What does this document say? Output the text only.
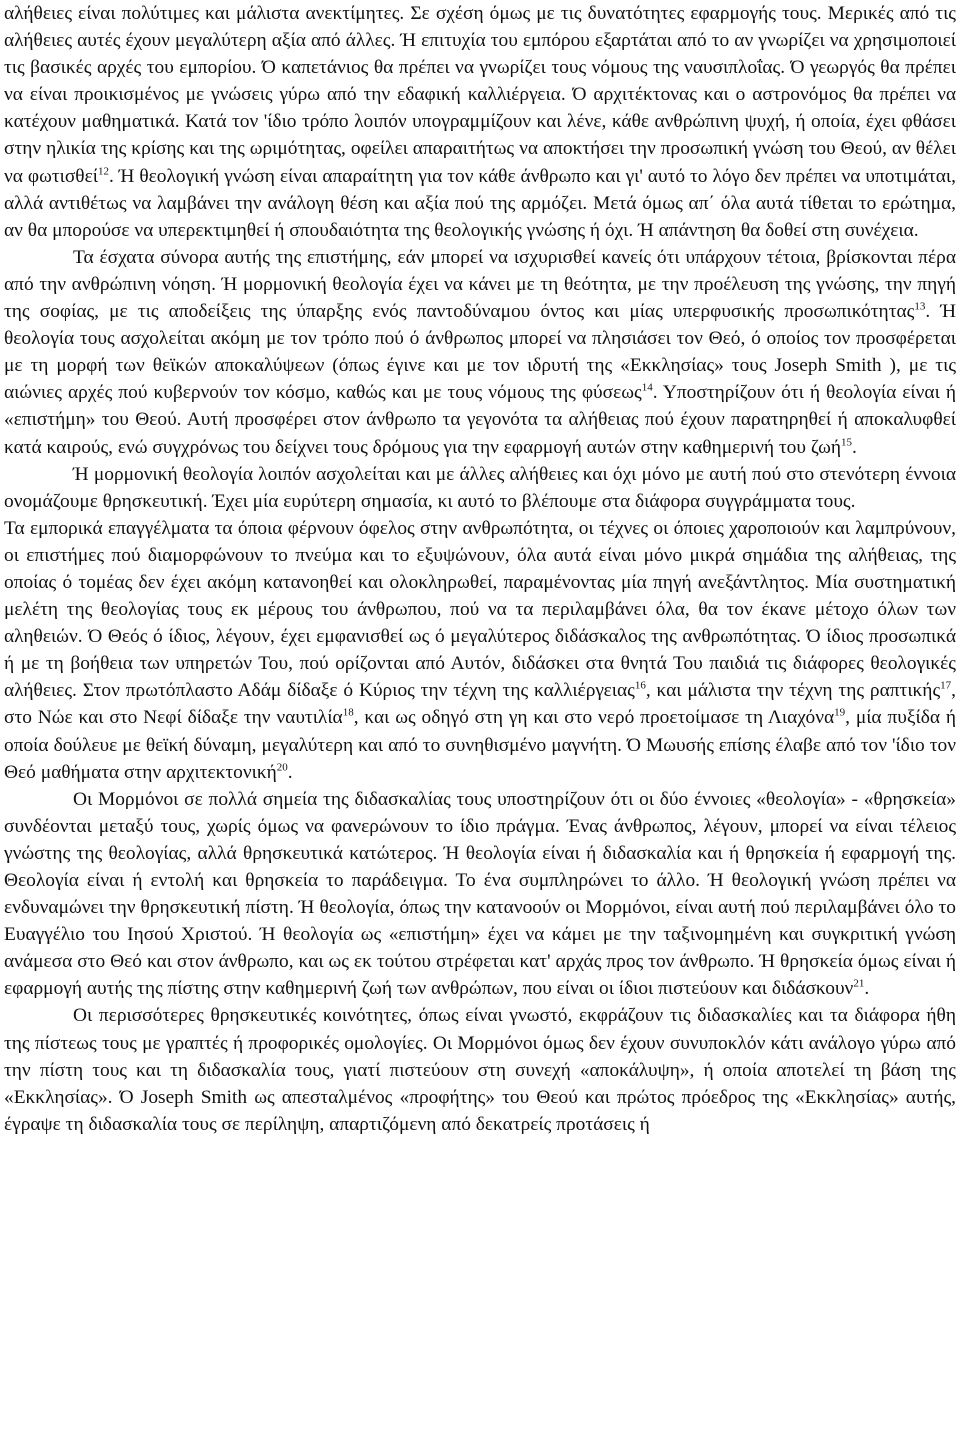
αλήθειες είναι πολύτιμες και μάλιστα ανεκτίμητες. Σε σχέση όμως με τις δυνατότητες εφαρμογής τους. Μερικές από τις αλήθειες αυτές έχουν μεγαλύτερη αξία από άλλες. Ή επιτυχία του εμπόρου εξαρτάται από το αν γνωρίζει να χρησιμοποιεί τις βασικές αρχές του εμπορίου. Ό καπετάνιος θα πρέπει να γνωρίζει τους νόμους της ναυσιπλοΐας. Ό γεωργός θα πρέπει να είναι προικισμένος με γνώσεις γύρω από την εδαφική καλλιέργεια. Ό αρχιτέκτονας και ο αστρονόμος θα πρέπει να κατέχουν μαθηματικά. Κατά τον 'ίδιο τρόπο λοιπόν υπογραμμίζουν και λένε, κάθε ανθρώπινη ψυχή, ή οποία, έχει φθάσει στην ηλικία της κρίσης και της ωριμότητας, οφείλει απαραιτήτως να αποκτήσει την προσωπική γνώση του Θεού, αν θέλει να φωτισθεί$^{12}$. Ή θεολογική γνώση είναι απαραίτητη για τον κάθε άνθρωπο και γι' αυτό το λόγο δεν πρέπει να υποτιμάται, αλλά αντιθέτως να λαμβάνει την ανάλογη θέση και αξία πού της αρμόζει. Μετά όμως απ΄ όλα αυτά τίθεται το ερώτημα, αν θα μπορούσε να υπερεκτιμηθεί ή σπουδαιότητα της θεολογικής γνώσης ή όχι. Ή απάντηση θα δοθεί στη συνέχεια.

Τα έσχατα σύνορα αυτής της επιστήμης, εάν μπορεί να ισχυρισθεί κανείς ότι υπάρχουν τέτοια, βρίσκονται πέρα από την ανθρώπινη νόηση. Ή μορμονική θεολογία έχει να κάνει με τη θεότητα, με την προέλευση της γνώσης, την πηγή της σοφίας, με τις αποδείξεις της ύπαρξης ενός παντοδύναμου όντος και μίας υπερφυσικής προσωπικότητας$^{13}$. Ή θεολογία τους ασχολείται ακόμη με τον τρόπο πού ό άνθρωπος μπορεί να πλησιάσει τον Θεό, ό οποίος τον προσφέρεται με τη μορφή των θεϊκών αποκαλύψεων (όπως έγινε και με τον ιδρυτή της «Εκκλησίας» τους Joseph Smith ), με τις αιώνιες αρχές πού κυβερνούν τον κόσμο, καθώς και με τους νόμους της φύσεως$^{14}$. Υποστηρίζουν ότι ή θεολογία είναι ή «επιστήμη» του Θεού. Αυτή προσφέρει στον άνθρωπο τα γεγονότα τα αλήθειας πού έχουν παρατηρηθεί ή αποκαλυφθεί κατά καιρούς, ενώ συγχρόνως του δείχνει τους δρόμους για την εφαρμογή αυτών στην καθημερινή του ζωή$^{15}$.

Ή μορμονική θεολογία λοιπόν ασχολείται και με άλλες αλήθειες και όχι μόνο με αυτή πού στο στενότερη έννοια ονομάζουμε θρησκευτική. Έχει μία ευρύτερη σημασία, κι αυτό το βλέπουμε στα διάφορα συγγράμματα τους.

Τα εμπορικά επαγγέλματα τα όποια φέρνουν όφελος στην ανθρωπότητα, οι τέχνες οι όποιες χαροποιούν και λαμπρύνουν, οι επιστήμες πού διαμορφώνουν το πνεύμα και το εξυψώνουν, όλα αυτά είναι μόνο μικρά σημάδια της αλήθειας, της οποίας ό τομέας δεν έχει ακόμη κατανοηθεί και ολοκληρωθεί, παραμένοντας μία πηγή ανεξάντλητος. Μία συστηματική μελέτη της θεολογίας τους εκ μέρους του άνθρωπου, πού να τα περιλαμβάνει όλα, θα τον έκανε μέτοχο όλων των αληθειών. Ό Θεός ό ίδιος, λέγουν, έχει εμφανισθεί ως ό μεγαλύτερος διδάσκαλος της ανθρωπότητας. Ό ίδιος προσωπικά ή με τη βοήθεια των υπηρετών Του, πού ορίζονται από Αυτόν, διδάσκει στα θνητά Του παιδιά τις διάφορες θεολογικές αλήθειες. Στον πρωτόπλαστο Αδάμ δίδαξε ό Κύριος την τέχνη της καλλιέργειας$^{16}$, και μάλιστα την τέχνη της ραπτικής$^{17}$, στο Νώε και στο Νεφί δίδαξε την ναυτιλία$^{18}$, και ως οδηγό στη γη και στο νερό προετοίμασε τη Λιαχόνα$^{19}$, μία πυξίδα ή οποία δούλευε με θεϊκή δύναμη, μεγαλύτερη και από το συνηθισμένο μαγνήτη. Ό Μωυσής επίσης έλαβε από τον 'ίδιο τον Θεό μαθήματα στην αρχιτεκτονική$^{20}$.

Οι Μορμόνοι σε πολλά σημεία της διδασκαλίας τους υποστηρίζουν ότι οι δύο έννοιες «θεολογία» - «θρησκεία» συνδέονται μεταξύ τους, χωρίς όμως να φανερώνουν το ίδιο πράγμα. Ένας άνθρωπος, λέγουν, μπορεί να είναι τέλειος γνώστης της θεολογίας, αλλά θρησκευτικά κατώτερος. Ή θεολογία είναι ή διδασκαλία και ή θρησκεία ή εφαρμογή της. Θεολογία είναι ή εντολή και θρησκεία το παράδειγμα. Το ένα συμπληρώνει το άλλο. Ή θεολογική γνώση πρέπει να ενδυναμώνει την θρησκευτική πίστη. Ή θεολογία, όπως την κατανοούν οι Μορμόνοι, είναι αυτή πού περιλαμβάνει όλο το Ευαγγέλιο του Ιησού Χριστού. Ή θεολογία ως «επιστήμη» έχει να κάμει με την ταξινομημένη και συγκριτική γνώση ανάμεσα στο Θεό και στον άνθρωπο, και ως εκ τούτου στρέφεται κατ' αρχάς προς τον άνθρωπο. Ή θρησκεία όμως είναι ή εφαρμογή αυτής της πίστης στην καθημερινή ζωή των ανθρώπων, που είναι οι ίδιοι πιστεύουν και διδάσκουν$^{21}$.

Οι περισσότερες θρησκευτικές κοινότητες, όπως είναι γνωστό, εκφράζουν τις διδασκαλίες και τα διάφορα ήθη της πίστεως τους με γραπτές ή προφορικές ομολογίες. Οι Μορμόνοι όμως δεν έχουν συνυποκλόν κάτι ανάλογο γύρω από την πίστη τους και τη διδασκαλία τους, γιατί πιστεύουν στη συνεχή «αποκάλυψη», ή οποία αποτελεί τη βάση της «Εκκλησίας». Ό Joseph Smith ως απεσταλμένος «προφήτης» του Θεού και πρώτος πρόεδρος της «Εκκλησίας» αυτής, έγραψε τη διδασκαλία τους σε περίληψη, απαρτιζόμενη από δεκατρείς προτάσεις ή
